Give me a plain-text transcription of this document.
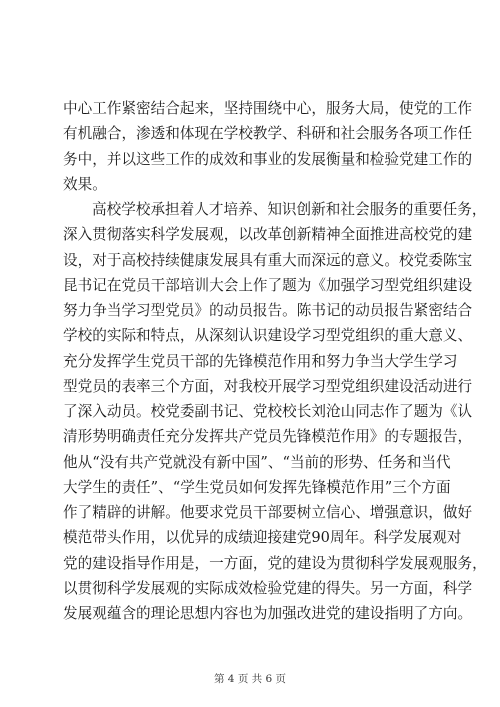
中 心 工 作 紧 密 结 合 起 来 ， 坚 持 围 绕 中 心 ， 服 务 大 局 ， 使 党 的 工 作
有 机 融 合 ， 渗 透 和 体 现 在 学 校 教 学 、 科 研 和 社 会 服 务 各 项 工 作 任
务 中 ， 并 以 这 些 工 作 的 成 效 和 事 业 的 发 展 衡 量 和 检 验 党 建 工 作 的
效果。
高 校 学 校 承 担 着 人 才 培 养 、 知 识 创 新 和 社 会 服 务 的 重 要 任 务 ，
深 入 贯 彻 落 实 科 学 发 展 观 ， 以 改 革 创 新 精 神 全 面 推 进 高 校 党 的 建
设 ， 对 于 高 校 持 续 健 康 发 展 具 有 重 大 而 深 远 的 意 义 。 校 党 委 陈 宝
昆 书 记 在 党 员 干 部 培 训 大 会 上 作 了 题 为 《 加 强 学 习 型 党 组 织 建 设
努 力 争 当 学 习 型 党 员 》 的 动 员 报 告 。 陈 书 记 的 动 员 报 告 紧 密 结 合
学 校 的 实 际 和 特 点 ， 从 深 刻 认 识 建 设 学 习 型 党 组 织 的 重 大 意 义 、
充 分 发 挥 学 生 党 员 干 部 的 先 锋 模 范 作 用 和 努 力 争 当 大 学 生 学 习
型 党 员 的 表 率 三 个 方 面 ， 对 我 校 开 展 学 习 型 党 组 织 建 设 活 动 进 行
了 深 入 动 员 。 校 党 委 副 书 记 、 党 校 校 长 刘 沧 山 同 志 作 了 题 为 《 认
清 形 势 明 确 责 任 充 分 发 挥 共 产 党 员 先 锋 模 范 作 用 》 的 专 题 报 告 ，
他 从 “ 没 有 共 产 党 就 没 有 新 中 国 ” 、 “ 当 前 的 形 势 、 任 务 和 当 代
大 学 生 的 责 任 ” 、 “ 学 生 党 员 如 何 发 挥 先 锋 模 范 作 用 ” 三 个 方 面
作 了 精 辟 的 讲 解 。 他 要 求 党 员 干 部 要 树 立 信 心 、 增 强 意 识 ， 做 好
模 范 带 头 作 用 ， 以 优 异 的 成 绩 迎 接 建 党 90 周 年 。 科 学 发 展 观 对
党 的 建 设 指 导 作 用 是 ， 一 方 面 ， 党 的 建 设 为 贯 彻 科 学 发 展 观 服 务 ，
以 贯 彻 科 学 发 展 观 的 实 际 成 效 检 验 党 建 的 得 失 。 另 一 方 面 ， 科 学
发 展 观 蕴 含 的 理 论 思 想 内 容 也 为 加 强 改 进 党 的 建 设 指 明 了 方 向 。
第 4 页 共 6 页
